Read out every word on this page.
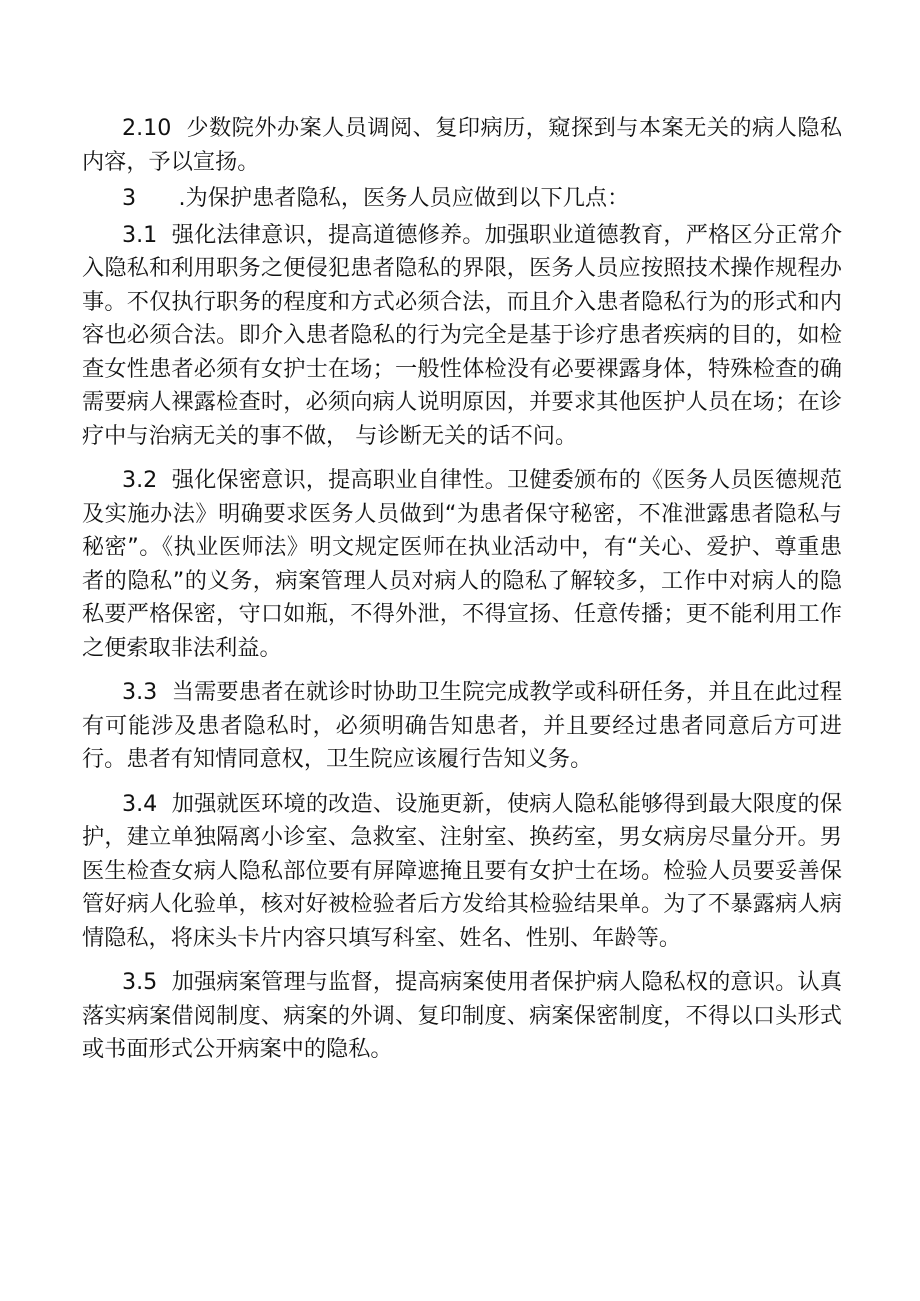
2.10 少数院外办案人员调阅、复印病历，窥探到与本案无关的病人隐私内容，予以宣扬。

3 .为保护患者隐私，医务人员应做到以下几点：

3.1 强化法律意识，提高道德修养。加强职业道德教育，严格区分正常介入隐私和利用职务之便侵犯患者隐私的界限，医务人员应按照技术操作规程办事。不仅执行职务的程度和方式必须合法，而且介入患者隐私行为的形式和内容也必须合法。即介入患者隐私的行为完全是基于诊疗患者疾病的目的，如检查女性患者必须有女护士在场；一般性体检没有必要裸露身体，特殊检查的确需要病人裸露检查时，必须向病人说明原因，并要求其他医护人员在场；在诊疗中与治病无关的事不做， 与诊断无关的话不问。

3.2 强化保密意识，提高职业自律性。卫健委颁布的《医务人员医德规范及实施办法》明确要求医务人员做到“为患者保守秘密，不准泄露患者隐私与秘密”。《执业医师法》明文规定医师在执业活动中，有“关心、爱护、尊重患者的隐私”的义务，病案管理人员对病人的隐私了解较多，工作中对病人的隐私要严格保密，守口如瓶，不得外泄，不得宣扬、任意传播；更不能利用工作之便索取非法利益。

3.3 当需要患者在就诊时协助卫生院完成教学或科研任务，并且在此过程有可能涉及患者隐私时，必须明确告知患者，并且要经过患者同意后方可进行。患者有知情同意权，卫生院应该履行告知义务。

3.4 加强就医环境的改造、设施更新，使病人隐私能够得到最大限度的保护，建立单独隔离小诊室、急救室、注射室、换药室，男女病房尽量分开。男医生检查女病人隐私部位要有屏障遮掩且要有女护士在场。检验人员要妥善保管好病人化验单，核对好被检验者后方发给其检验结果单。为了不暴露病人病情隐私，将床头卡片内容只填写科室、姓名、性别、年龄等。

3.5 加强病案管理与监督，提高病案使用者保护病人隐私权的意识。认真落实病案借阅制度、病案的外调、复印制度、病案保密制度，不得以口头形式或书面形式公开病案中的隐私。
